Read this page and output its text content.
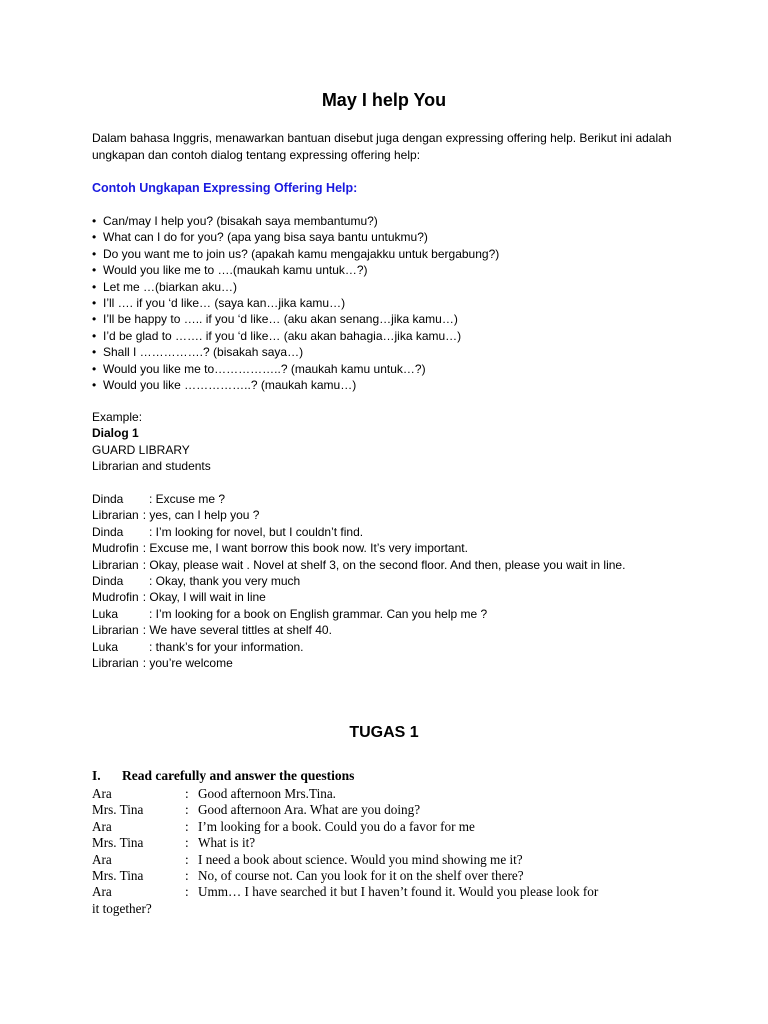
May I help You
Dalam bahasa Inggris, menawarkan bantuan disebut juga dengan expressing offering help. Berikut ini adalah ungkapan dan contoh dialog tentang expressing offering help:
Contoh Ungkapan Expressing Offering Help:
• Can/may I help you? (bisakah saya membantumu?)
• What can I do for you? (apa yang bisa saya bantu untukmu?)
• Do you want me to join us? (apakah kamu mengajakku untuk bergabung?)
• Would you like me to ….(maukah kamu untuk…?)
• Let me …(biarkan aku…)
• I’ll …. if you ‘d like… (saya kan…jika kamu…)
• I’ll be happy to ….. if you ‘d like… (aku akan senang…jika kamu…)
• I’d be glad to ……. if you ‘d like… (aku akan bahagia…jika kamu…)
• Shall I …………….? (bisakah saya…)
• Would you like me to……………..? (maukah kamu untuk…?)
• Would you like ……………..? (maukah kamu…)
Example:
Dialog 1
GUARD LIBRARY
Librarian and students
Dinda	: Excuse me ?
Librarian : yes, can I help you ?
Dinda	: I’m looking for novel, but I couldn’t find.
Mudrofin : Excuse me, I want borrow this book now. It’s very important.
Librarian : Okay, please wait . Novel at shelf 3, on the second floor. And then, please you wait in line.
Dinda	: Okay, thank you very much
Mudrofin : Okay, I will wait in line
Luka	: I’m looking for a book on English grammar. Can you help me ?
Librarian : We have several tittles at shelf 40.
Luka	: thank’s for your information.
Librarian : you’re welcome
TUGAS 1
I. Read carefully and answer the questions
Ara	: Good afternoon Mrs.Tina.
Mrs. Tina	: Good afternoon Ara. What are you doing?
Ara	: I’m looking for a book. Could you do a favor for me
Mrs. Tina	: What is it?
Ara	: I need a book about science. Would you mind showing me it?
Mrs. Tina	: No, of course not. Can you look for it on the shelf over there?
Ara	: Umm… I have searched it but I haven’t found it. Would you please look for
it together?
